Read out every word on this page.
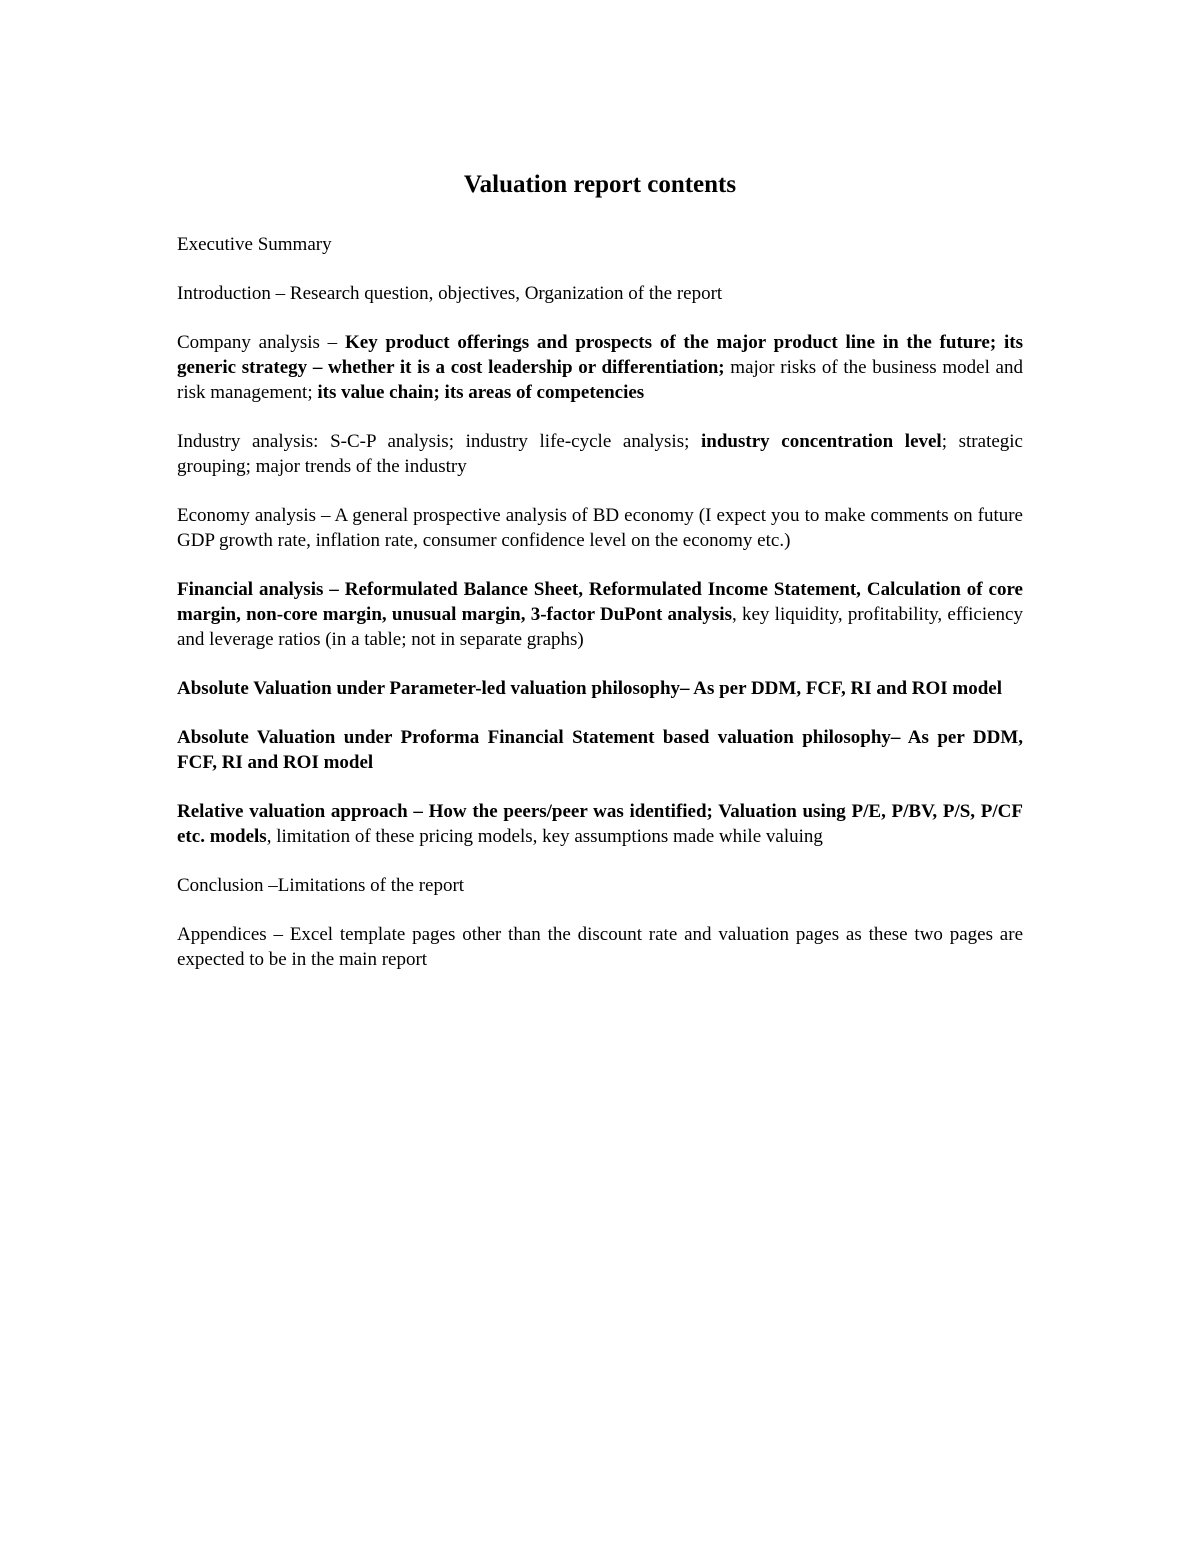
Valuation report contents

Executive Summary

Introduction – Research question, objectives, Organization of the report

Company analysis – Key product offerings and prospects of the major product line in the future; its generic strategy – whether it is a cost leadership or differentiation; major risks of the business model and risk management; its value chain; its areas of competencies

Industry analysis: S-C-P analysis; industry life-cycle analysis; industry concentration level; strategic grouping; major trends of the industry

Economy analysis – A general prospective analysis of BD economy (I expect you to make comments on future GDP growth rate, inflation rate, consumer confidence level on the economy etc.)

Financial analysis – Reformulated Balance Sheet, Reformulated Income Statement, Calculation of core margin, non-core margin, unusual margin, 3-factor DuPont analysis, key liquidity, profitability, efficiency and leverage ratios (in a table; not in separate graphs)

Absolute Valuation under Parameter-led valuation philosophy– As per DDM, FCF, RI and ROI model

Absolute Valuation under Proforma Financial Statement based valuation philosophy– As per DDM, FCF, RI and ROI model

Relative valuation approach – How the peers/peer was identified; Valuation using P/E, P/BV, P/S, P/CF etc. models, limitation of these pricing models, key assumptions made while valuing

Conclusion –Limitations of the report

Appendices – Excel template pages other than the discount rate and valuation pages as these two pages are expected to be in the main report
